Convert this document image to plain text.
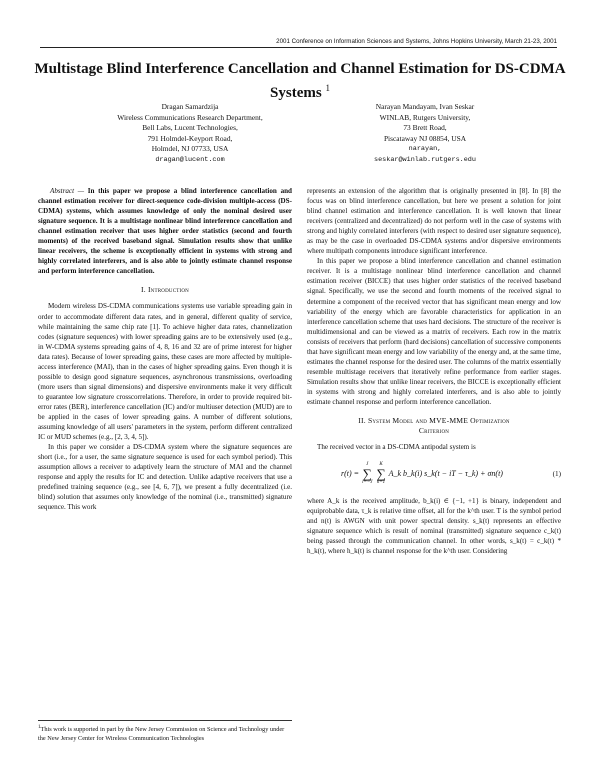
2001 Conference on Information Sciences and Systems, Johns Hopkins University, March 21-23, 2001
Multistage Blind Interference Cancellation and Channel Estimation for DS-CDMA Systems $^1$
Dragan Samardzija
Wireless Communications Research Department,
Bell Labs, Lucent Technologies,
791 Holmdel-Keyport Road,
Holmdel, NJ 07733, USA
dragan@lucent.com
Narayan Mandayam, Ivan Seskar
WINLAB, Rutgers University,
73 Brett Road,
Piscataway NJ 08854, USA
narayan,
seskar@winlab.rutgers.edu

Abstract — In this paper we propose a blind interference cancellation and channel estimation receiver for direct-sequence code-division multiple-access (DS-CDMA) systems, which assumes knowledge of only the nominal desired user signature sequence. It is a multistage nonlinear blind interference cancellation and channel estimation receiver that uses higher order statistics (second and fourth moments) of the received baseband signal. Simulation results show that unlike linear receivers, the scheme is exceptionally efficient in systems with strong and highly correlated interferers, and is also able to jointly estimate channel response and perform interference cancellation.

I. Introduction

Modern wireless DS-CDMA communications systems use variable spreading gain in order to accommodate different data rates, and in general, different quality of service, while maintaining the same chip rate [1]. To achieve higher data rates, channelization codes (signature sequences) with lower spreading gains are to be extensively used (e.g., in W-CDMA systems spreading gains of 4, 8, 16 and 32 are of prime interest for higher data rates). Because of lower spreading gains, these cases are more affected by multiple-access interference (MAI), than in the cases of higher spreading gains. Even though it is possible to design good signature sequences, asynchronous transmissions, overloading (more users than signal dimensions) and dispersive environments make it very difficult to guarantee low signature crosscorrelations. Therefore, in order to provide required bit-error rates (BER), interference cancellation (IC) and/or multiuser detection (MUD) are to be applied in the cases of lower spreading gains. A number of different solutions, assuming knowledge of all users' parameters in the system, perform different centralized IC or MUD schemes (e.g., [2, 3, 4, 5]).

In this paper we consider a DS-CDMA system where the signature sequences are short (i.e., for a user, the same signature sequence is used for each symbol period). This assumption allows a receiver to adaptively learn the structure of MAI and the channel response and apply the results for IC and detection. Unlike adaptive receivers that use a predefined training sequence (e.g., see [4, 6, 7]), we present a fully decentralized (i.e. blind) solution that assumes only knowledge of the nominal (i.e., transmitted) signature sequence. This work

represents an extension of the algorithm that is originally presented in [8]. In [8] the focus was on blind interference cancellation, but here we present a solution for joint blind channel estimation and interference cancellation. It is well known that linear receivers (centralized and decentralized) do not perform well in the case of systems with strong and highly correlated interferers (with respect to desired user signature sequence), as may be the case in overloaded DS-CDMA systems and/or dispersive environments where multipath components introduce significant interference.

In this paper we propose a blind interference cancellation and channel estimation receiver. It is a multistage nonlinear blind interference cancellation and channel estimation receiver (BICCE) that uses higher order statistics of the received baseband signal. Specifically, we use the second and fourth moments of the received signal to determine a component of the received vector that has significant mean energy and low variability of the energy which are favorable characteristics for application in an interference cancellation scheme that uses hard decisions. The structure of the receiver is multidimensional and can be viewed as a matrix of receivers. Each row in the matrix consists of receivers that perform (hard decisions) cancellation of successive components that have significant mean energy and low variability of the energy and, at the same time, estimates the channel response for the desired user. The columns of the matrix essentially resemble multistage receivers that iteratively refine performance from earlier stages. Simulation results show that unlike linear receivers, the BICCE is exceptionally efficient in systems with strong and highly correlated interferers, and is also able to jointly estimate channel response and perform interference cancellation.

II. System Model and MVE-MME Optimization
Criterion

The received vector in a DS-CDMA antipodal system is

r(t) =
J
∑
i=−J

K
∑
k=1
A_k b_k(i) s_k(t − iT − τ_k) + σn(t)	(1)

where A_k is the received amplitude, b_k(i) ∈ {−1, +1} is binary, independent and equiprobable data, τ_k is relative time offset, all for the k^th user. T is the symbol period and n(t) is AWGN with unit power spectral density. s_k(t) represents an effective signature sequence which is result of nominal (transmitted) signature sequence c_k(t) being passed through the communication channel. In other words, s_k(t) = c_k(t) * h_k(t), where h_k(t) is channel response for the k^th user. Considering

$^1$This work is supported in part by the New Jersey Commission on Science and Technology under the New Jersey Center for Wireless Communication Technologies
